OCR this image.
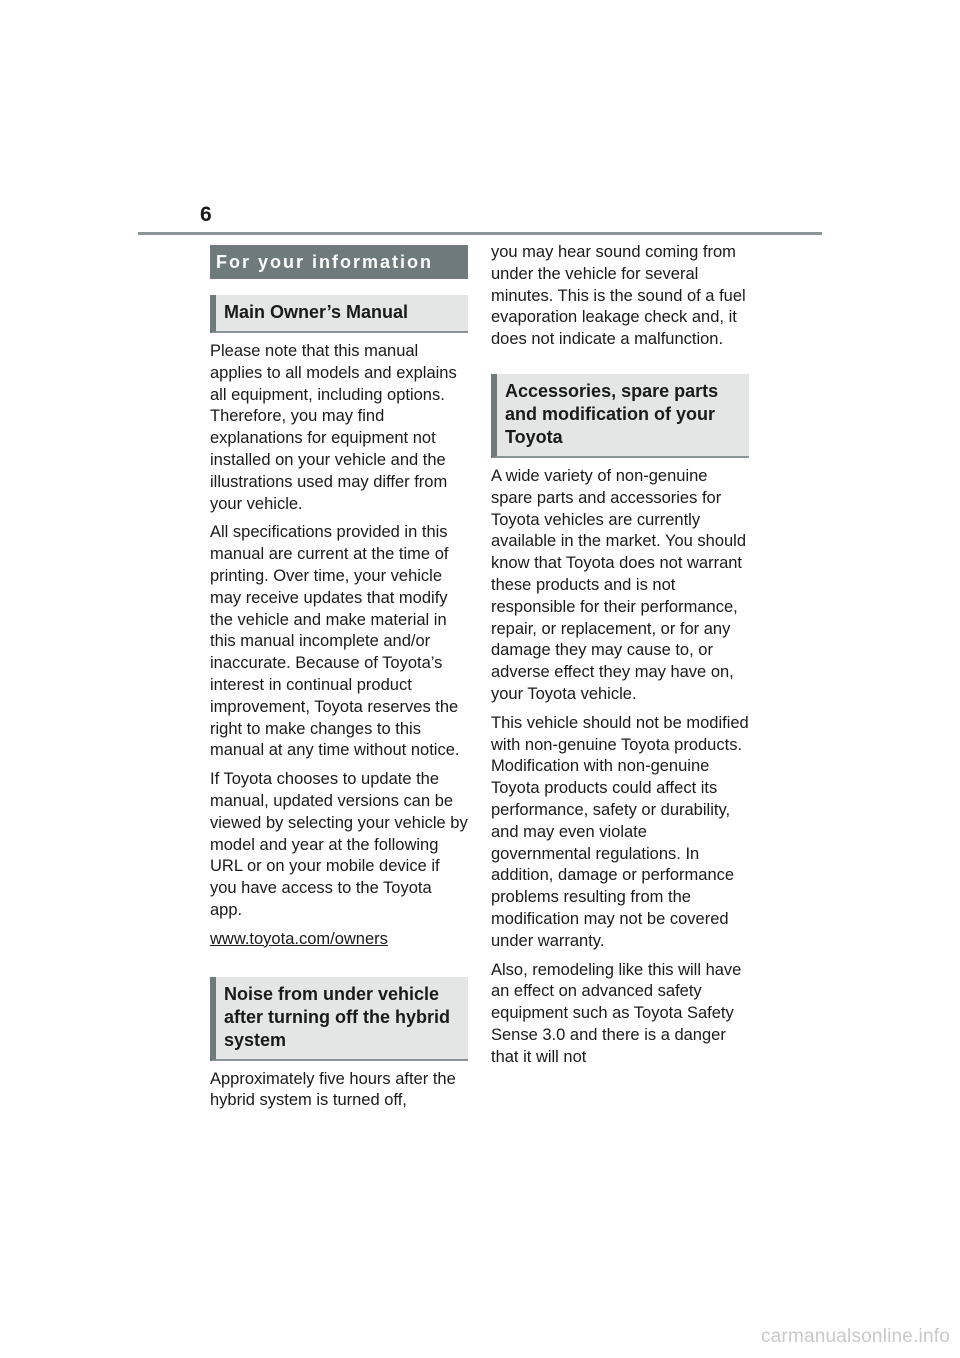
6
For your information
Main Owner’s Manual

Please note that this manual applies to all models and explains all equipment, including options. Therefore, you may find explanations for equipment not installed on your vehicle and the illustrations used may differ from your vehicle.

All specifications provided in this manual are current at the time of printing. Over time, your vehicle may receive updates that modify the vehicle and make material in this manual incomplete and/or inaccurate. Because of Toyota’s interest in continual product improvement, Toyota reserves the right to make changes to this manual at any time without notice.

If Toyota chooses to update the manual, updated versions can be viewed by selecting your vehicle by model and year at the following URL or on your mobile device if you have access to the Toyota app.

www.toyota.com/owners
Noise from under vehicle after turning off the hybrid system

Approximately five hours after the hybrid system is turned off,

you may hear sound coming from under the vehicle for several minutes. This is the sound of a fuel evaporation leakage check and, it does not indicate a malfunction.

Accessories, spare parts and modification of your Toyota

A wide variety of non-genuine spare parts and accessories for Toyota vehicles are currently available in the market. You should know that Toyota does not warrant these products and is not responsible for their performance, repair, or replacement, or for any damage they may cause to, or adverse effect they may have on, your Toyota vehicle.

This vehicle should not be modified with non-genuine Toyota products. Modification with non-genuine Toyota products could affect its performance, safety or durability, and may even violate governmental regulations. In addition, damage or performance problems resulting from the modification may not be covered under warranty.

Also, remodeling like this will have an effect on advanced safety equipment such as Toyota Safety Sense 3.0 and there is a danger that it will not

carmanualsonline.info
